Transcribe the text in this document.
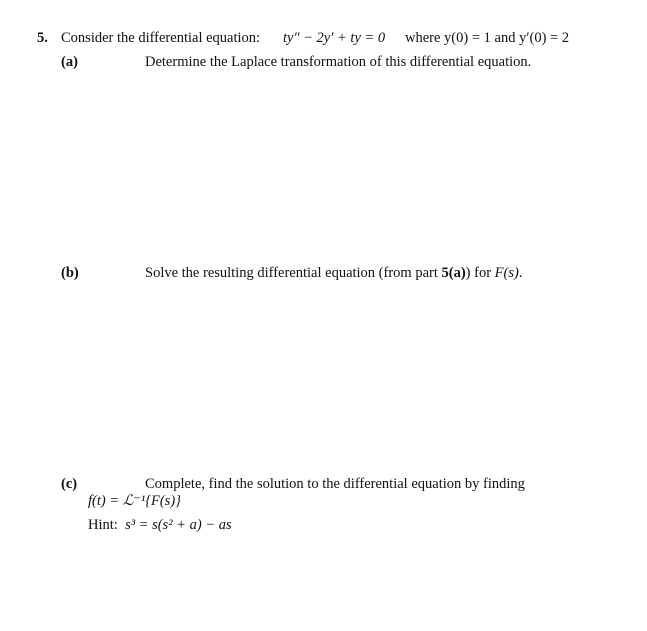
5. Consider the differential equation: ty″ − 2y′ + ty = 0 where y(0) = 1 and y′(0) = 2
(a)	Determine the Laplace transformation of this differential equation.
(b)	Solve the resulting differential equation (from part 5(a)) for F(s).
(c)	Complete, find the solution to the differential equation by finding
f(t) = ℒ⁻¹{F(s)}
Hint: s³ = s(s² + a) − as
